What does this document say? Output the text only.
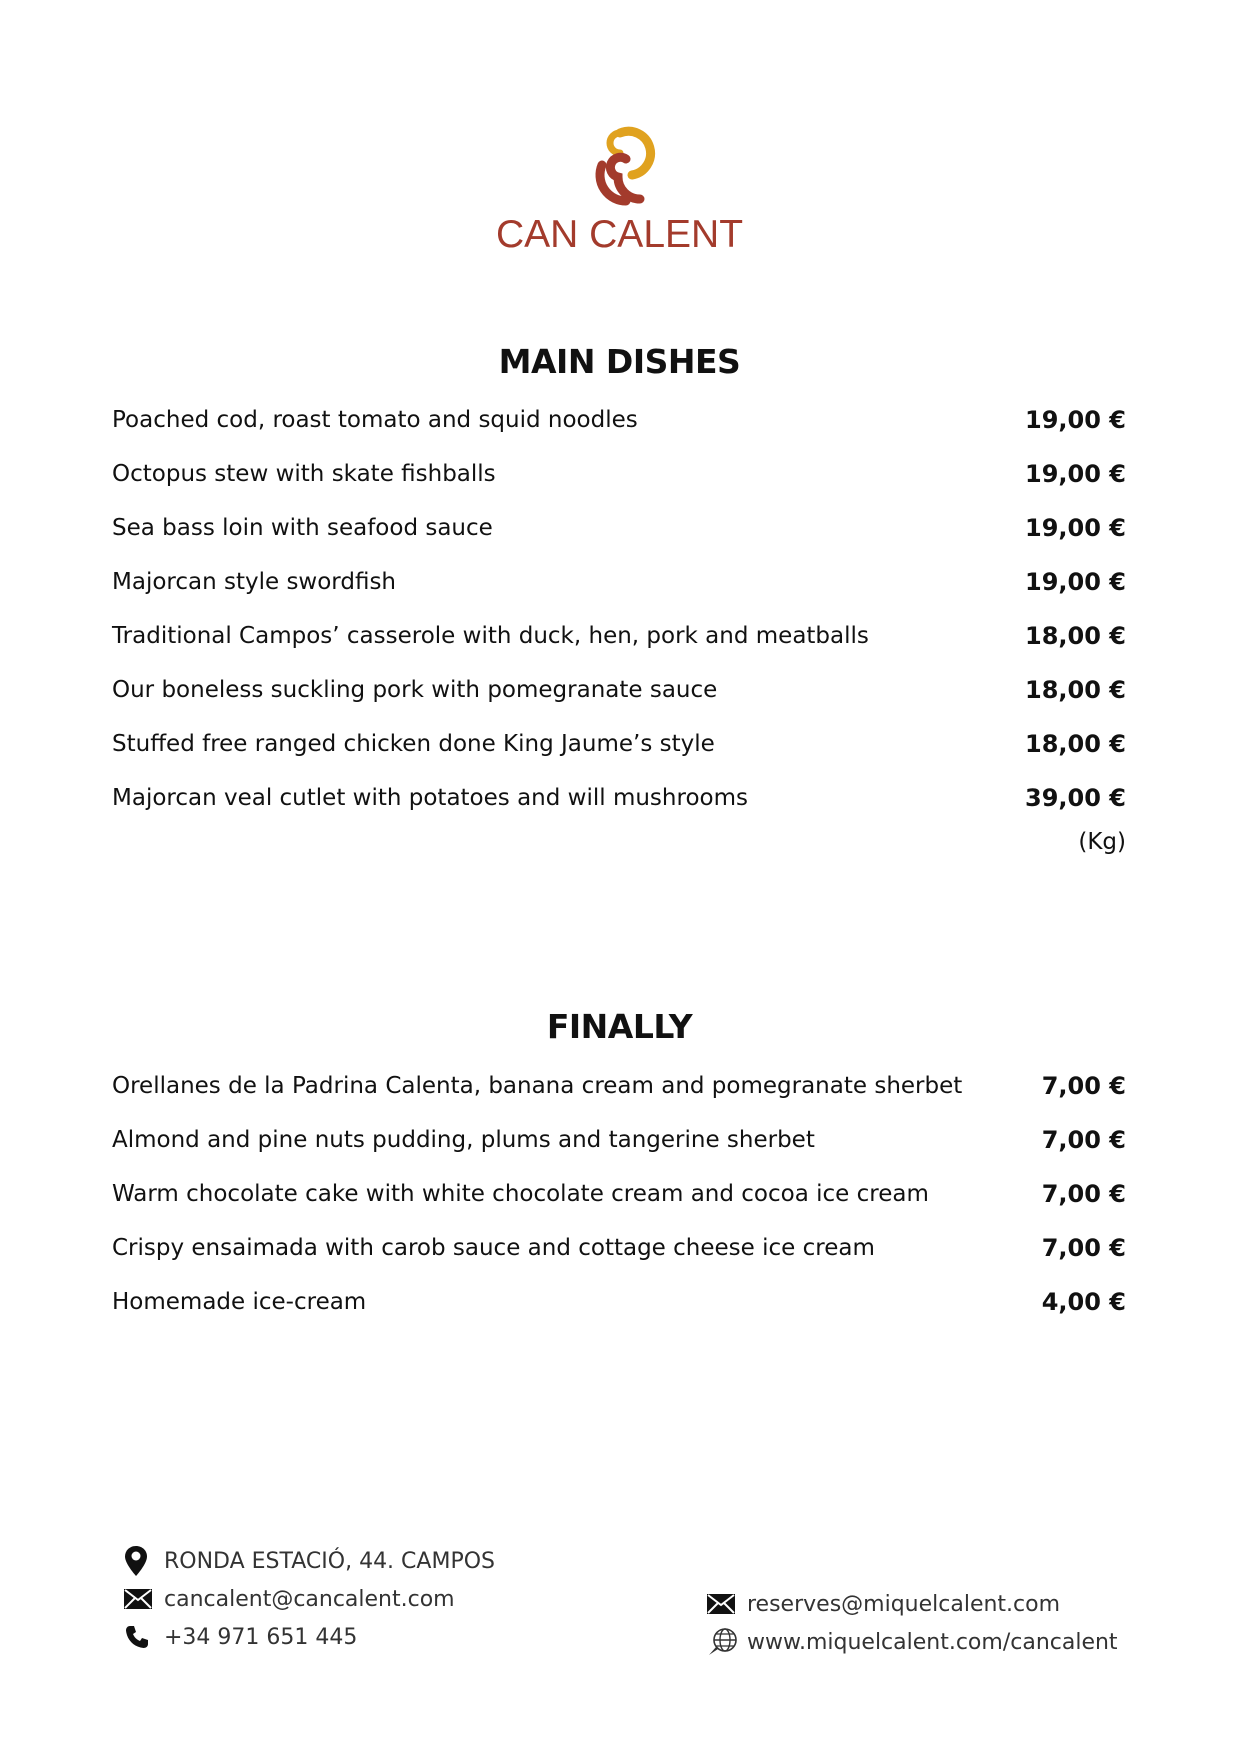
CAN CALENT
MAIN DISHES
Poached cod, roast tomato and squid noodles	19,00 €
Octopus stew with skate fishballs	19,00 €
Sea bass loin with seafood sauce	19,00 €
Majorcan style swordfish	19,00 €
Traditional Campos’ casserole with duck, hen, pork and meatballs	18,00 €
Our boneless suckling pork with pomegranate sauce	18,00 €
Stuffed free ranged chicken done King Jaume’s style	18,00 €
Majorcan veal cutlet with potatoes and will mushrooms	39,00 €
(Kg)
FINALLY
Orellanes de la Padrina Calenta, banana cream and pomegranate sherbet	7,00 €
Almond and pine nuts pudding, plums and tangerine sherbet	7,00 €
Warm chocolate cake with white chocolate cream and cocoa ice cream	7,00 €
Crispy ensaimada with carob sauce and cottage cheese ice cream	7,00 €
Homemade ice-cream	4,00 €
RONDA ESTACIÓ, 44. CAMPOS
cancalent@cancalent.com
+34 971 651 445
reserves@miquelcalent.com
www.miquelcalent.com/cancalent
